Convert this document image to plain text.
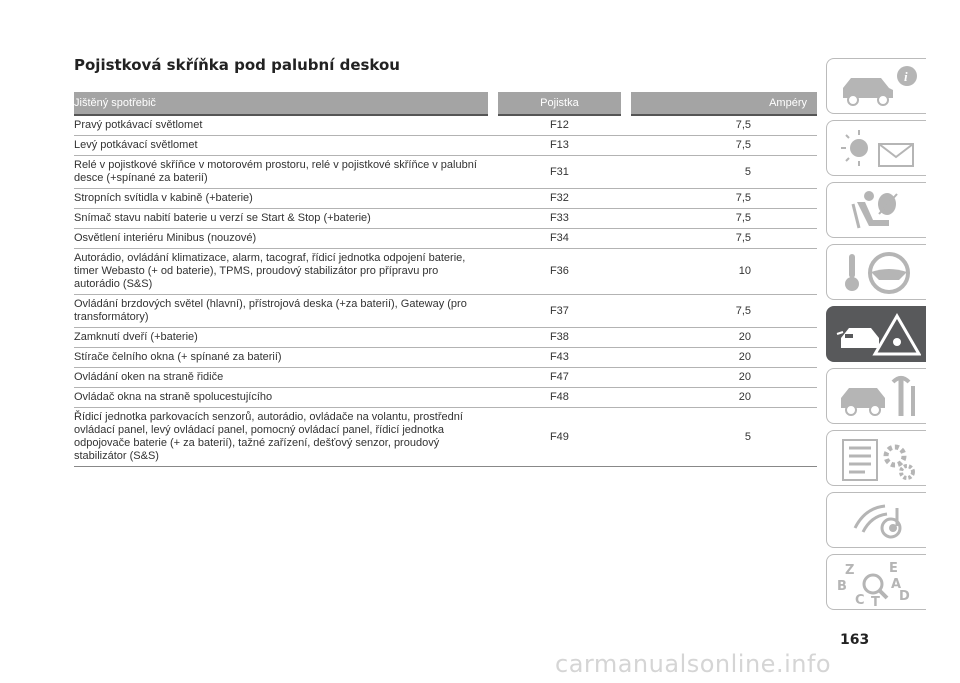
Pojistková skříňka pod palubní deskou
Jištěný spotřebič	Pojistka	Ampéry
Pravý potkávací světlomet	F12	7,5
Levý potkávací světlomet	F13	7,5
Relé v pojistkové skříňce v motorovém prostoru, relé v pojistkové skříňce v palubní desce (+spínané za baterií)	F31	5
Stropních svítidla v kabině (+baterie)	F32	7,5
Snímač stavu nabití baterie u verzí se Start & Stop (+baterie)	F33	7,5
Osvětlení interiéru Minibus (nouzové)	F34	7,5
Autorádio, ovládání klimatizace, alarm, tacograf, řídicí jednotka odpojení baterie, timer Webasto (+ od baterie), TPMS, proudový stabilizátor pro přípravu pro autorádio (S&S)	F36	10
Ovládání brzdových světel (hlavní), přístrojová deska (+za baterií), Gateway (pro transformátory)	F37	7,5
Zamknutí dveří (+baterie)	F38	20
Stírače čelního okna (+ spínané za baterií)	F43	20
Ovládání oken na straně řidiče	F47	20
Ovládač okna na straně spolucestujícího	F48	20
Řídicí jednotka parkovacích senzorů, autorádio, ovládače na volantu, prostřední ovládací panel, levý ovládací panel, pomocný ovládací panel, řídicí jednotka odpojovače baterie (+ za baterií), tažné zařízení, dešťový senzor, proudový stabilizátor (S&S)	F49	5
i
Z	E
B	A
C T D
163
carmanualsonline.info
